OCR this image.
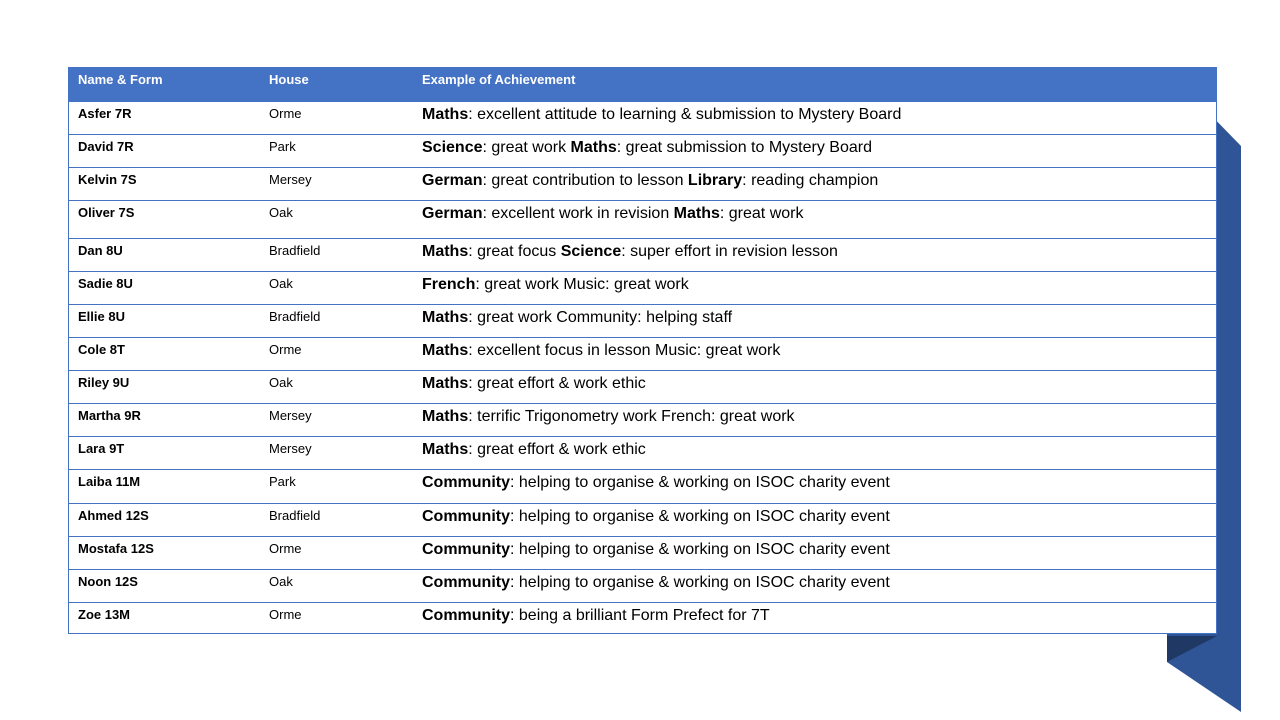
Name & Form	House	Example of Achievement
Asfer 7R	Orme	Maths: excellent attitude to learning & submission to Mystery Board
David 7R	Park	Science: great work Maths: great submission to Mystery Board
Kelvin 7S	Mersey	German: great contribution to lesson Library: reading champion
Oliver 7S	Oak	German: excellent work in revision Maths: great work
Dan 8U	Bradfield	Maths: great focus Science: super effort in revision lesson
Sadie 8U	Oak	French: great work Music: great work
Ellie 8U	Bradfield	Maths: great work Community: helping staff
Cole 8T	Orme	Maths: excellent focus in lesson Music: great work
Riley 9U	Oak	Maths: great effort & work ethic
Martha 9R	Mersey	Maths: terrific Trigonometry work French: great work
Lara 9T	Mersey	Maths: great effort & work ethic
Laiba 11M	Park	Community: helping to organise & working on ISOC charity event
Ahmed 12S	Bradfield	Community: helping to organise & working on ISOC charity event
Mostafa 12S	Orme	Community: helping to organise & working on ISOC charity event
Noon 12S	Oak	Community: helping to organise & working on ISOC charity event
Zoe 13M	Orme	Community: being a brilliant Form Prefect for 7T
